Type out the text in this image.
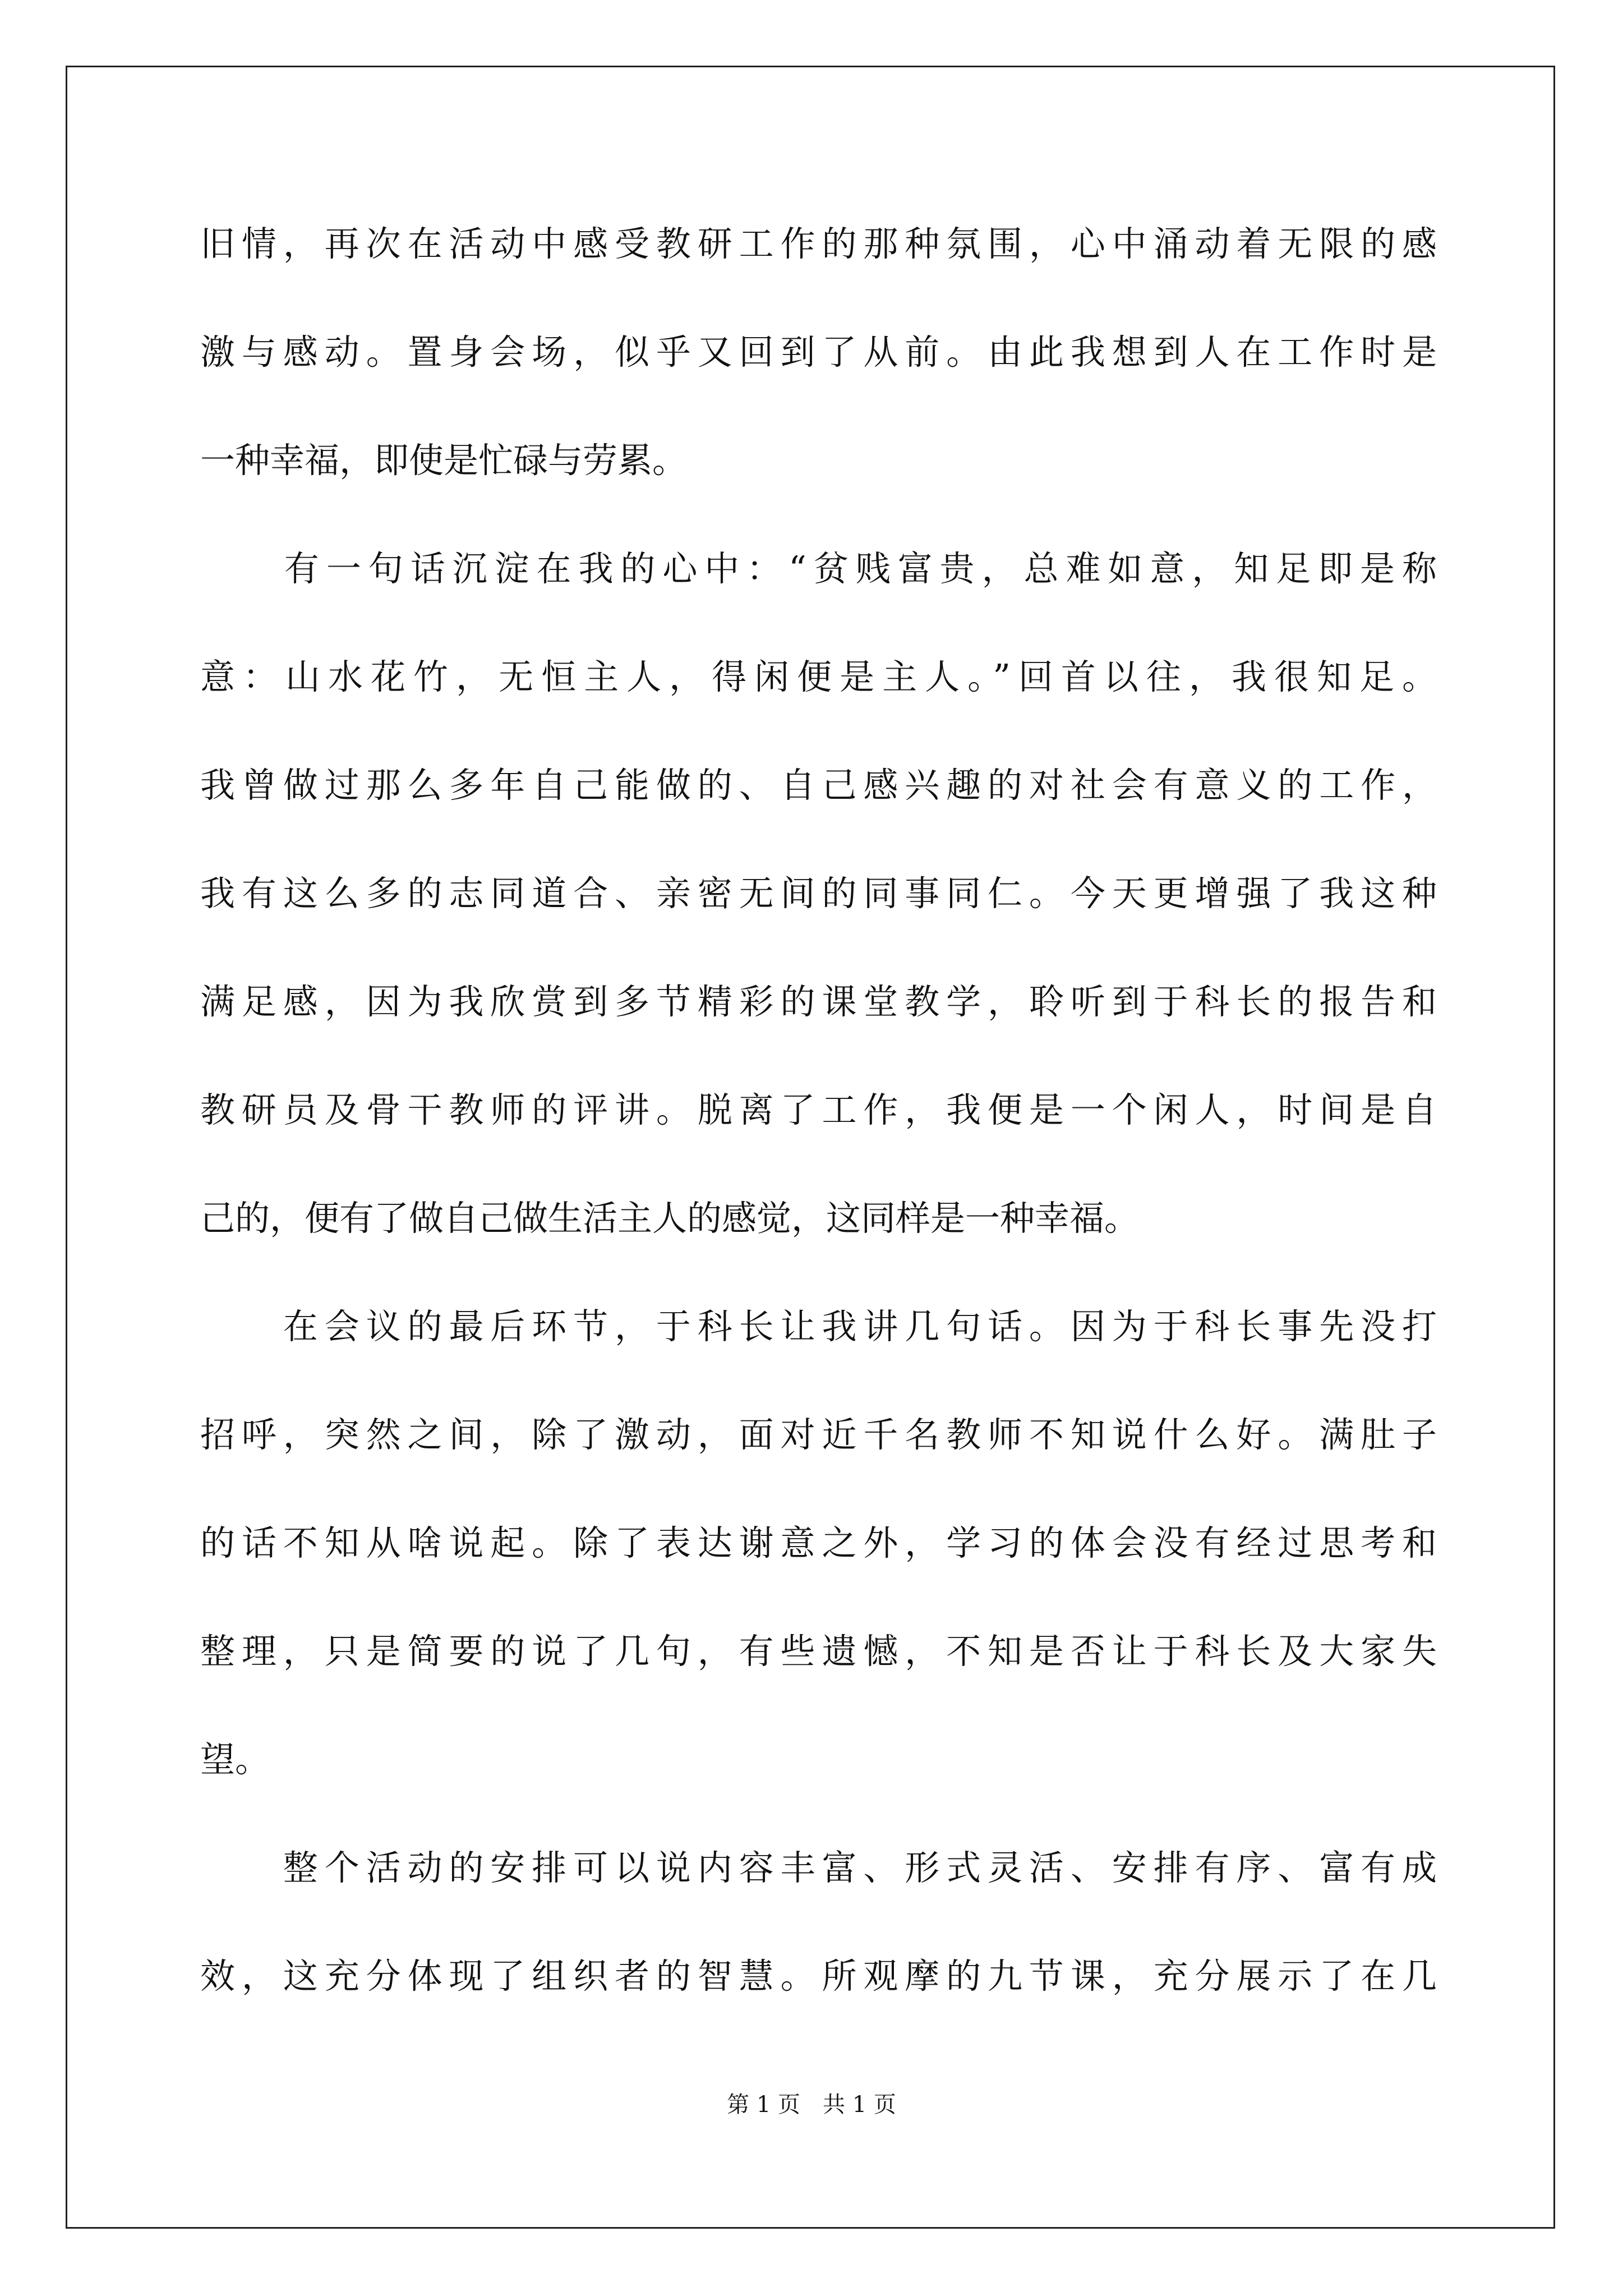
旧情，再次在活动中感受教研工作的那种氛围，心中涌动着无限的感
激与感动。置身会场，似乎又回到了从前。由此我想到人在工作时是
一种幸福，即使是忙碌与劳累。
　　有一句话沉淀在我的心中：“贫贱富贵，总难如意，知足即是称
意：山水花竹，无恒主人，得闲便是主人。”回首以往，我很知足。
我曾做过那么多年自己能做的、自己感兴趣的对社会有意义的工作，
我有这么多的志同道合、亲密无间的同事同仁。今天更增强了我这种
满足感，因为我欣赏到多节精彩的课堂教学，聆听到于科长的报告和
教研员及骨干教师的评讲。脱离了工作，我便是一个闲人，时间是自
己的，便有了做自己做生活主人的感觉，这同样是一种幸福。
　　在会议的最后环节，于科长让我讲几句话。因为于科长事先没打
招呼，突然之间，除了激动，面对近千名教师不知说什么好。满肚子
的话不知从啥说起。除了表达谢意之外，学习的体会没有经过思考和
整理，只是简要的说了几句，有些遗憾，不知是否让于科长及大家失
望。
　　整个活动的安排可以说内容丰富、形式灵活、安排有序、富有成
效，这充分体现了组织者的智慧。所观摩的九节课，充分展示了在几
第 1 页　共 1 页
